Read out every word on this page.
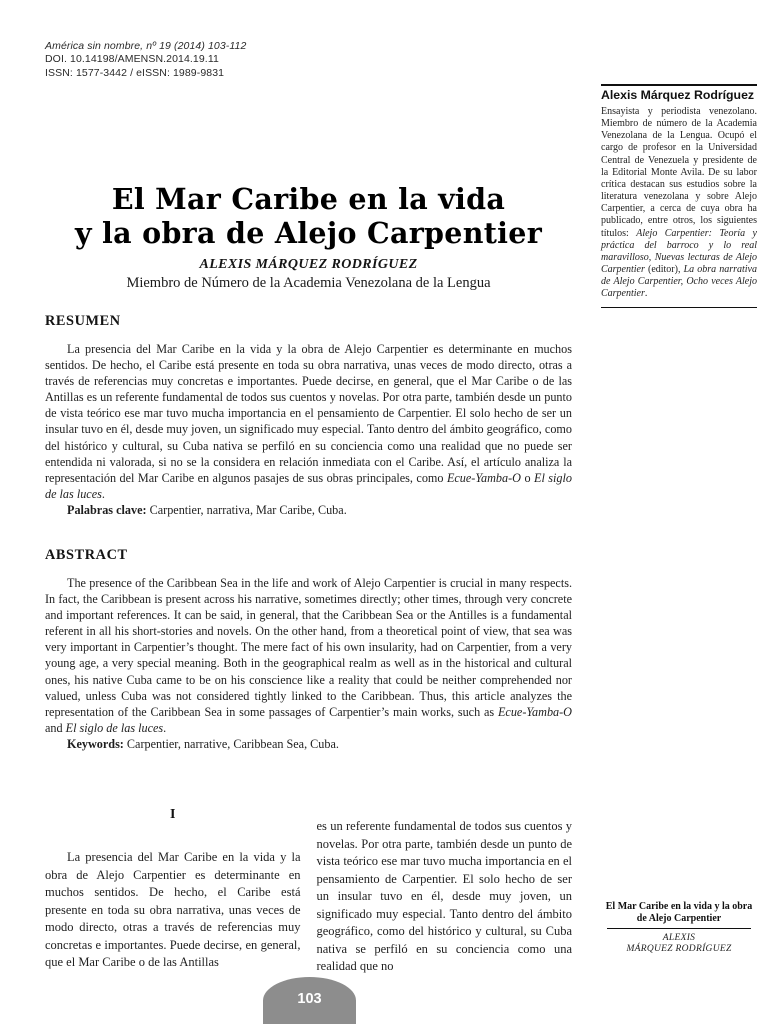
América sin nombre, nº 19 (2014) 103-112
DOI. 10.14198/AMENSN.2014.19.11
ISSN: 1577-3442 / eISSN: 1989-9831
Alexis Márquez Rodríguez
Ensayista y periodista venezolano. Miembro de número de la Academia Venezolana de la Lengua. Ocupó el cargo de profesor en la Universidad Central de Venezuela y presidente de la Editorial Monte Avila. De su labor crítica destacan sus estudios sobre la literatura venezolana y sobre Alejo Carpentier, a cerca de cuya obra ha publicado, entre otros, los siguientes títulos: Alejo Carpentier: Teoría y práctica del barroco y lo real maravilloso, Nuevas lecturas de Alejo Carpentier (editor), La obra narrativa de Alejo Carpentier, Ocho veces Alejo Carpentier.
El Mar Caribe en la vida
y la obra de Alejo Carpentier
ALEXIS MÁRQUEZ RODRÍGUEZ
Miembro de Número de la Academia Venezolana de la Lengua
RESUMEN

La presencia del Mar Caribe en la vida y la obra de Alejo Carpentier es determinante en muchos sentidos. De hecho, el Caribe está presente en toda su obra narrativa, unas veces de modo directo, otras a través de referencias muy concretas e importantes. Puede decirse, en general, que el Mar Caribe o de las Antillas es un referente fundamental de todos sus cuentos y novelas. Por otra parte, también desde un punto de vista teórico ese mar tuvo mucha importancia en el pensamiento de Carpentier. El solo hecho de ser un insular tuvo en él, desde muy joven, un significado muy especial. Tanto dentro del ámbito geográfico, como del histórico y cultural, su Cuba nativa se perfiló en su conciencia como una realidad que no puede ser entendida ni valorada, si no se la considera en relación inmediata con el Caribe. Así, el artículo analiza la representación del Mar Caribe en algunos pasajes de sus obras principales, como Ecue-Yamba-O o El siglo de las luces.

Palabras clave: Carpentier, narrativa, Mar Caribe, Cuba.

ABSTRACT

The presence of the Caribbean Sea in the life and work of Alejo Carpentier is crucial in many respects. In fact, the Caribbean is present across his narrative, sometimes directly; other times, through very concrete and important references. It can be said, in general, that the Caribbean Sea or the Antilles is a fundamental referent in all his short-stories and novels. On the other hand, from a theoretical point of view, that sea was very important in Carpentier’s thought. The mere fact of his own insularity, had on Carpentier, from a very young age, a very special meaning. Both in the geographical realm as well as in the historical and cultural ones, his native Cuba came to be on his conscience like a reality that could be neither comprehended nor valued, unless Cuba was not considered tightly linked to the Caribbean. Thus, this article analyzes the representation of the Caribbean Sea in some passages of Carpentier’s main works, such as Ecue-Yamba-O and El siglo de las luces.

Keywords: Carpentier, narrative, Caribbean Sea, Cuba.

I

La presencia del Mar Caribe en la vida y la obra de Alejo Carpentier es determinante en muchos sentidos. De hecho, el Caribe está presente en toda su obra narrativa, unas veces de modo directo, otras a través de referencias muy concretas e importantes. Puede decirse, en general, que el Mar Caribe o de las Antillas

es un referente fundamental de todos sus cuentos y novelas. Por otra parte, también desde un punto de vista teórico ese mar tuvo mucha importancia en el pensamiento de Carpentier. El solo hecho de ser un insular tuvo en él, desde muy joven, un significado muy especial. Tanto dentro del ámbito geográfico, como del histórico y cultural, su Cuba nativa se perfiló en su conciencia como una realidad que no

El Mar Caribe en la vida y la obra
de Alejo Carpentier
ALEXIS
MÁRQUEZ RODRÍGUEZ
103
